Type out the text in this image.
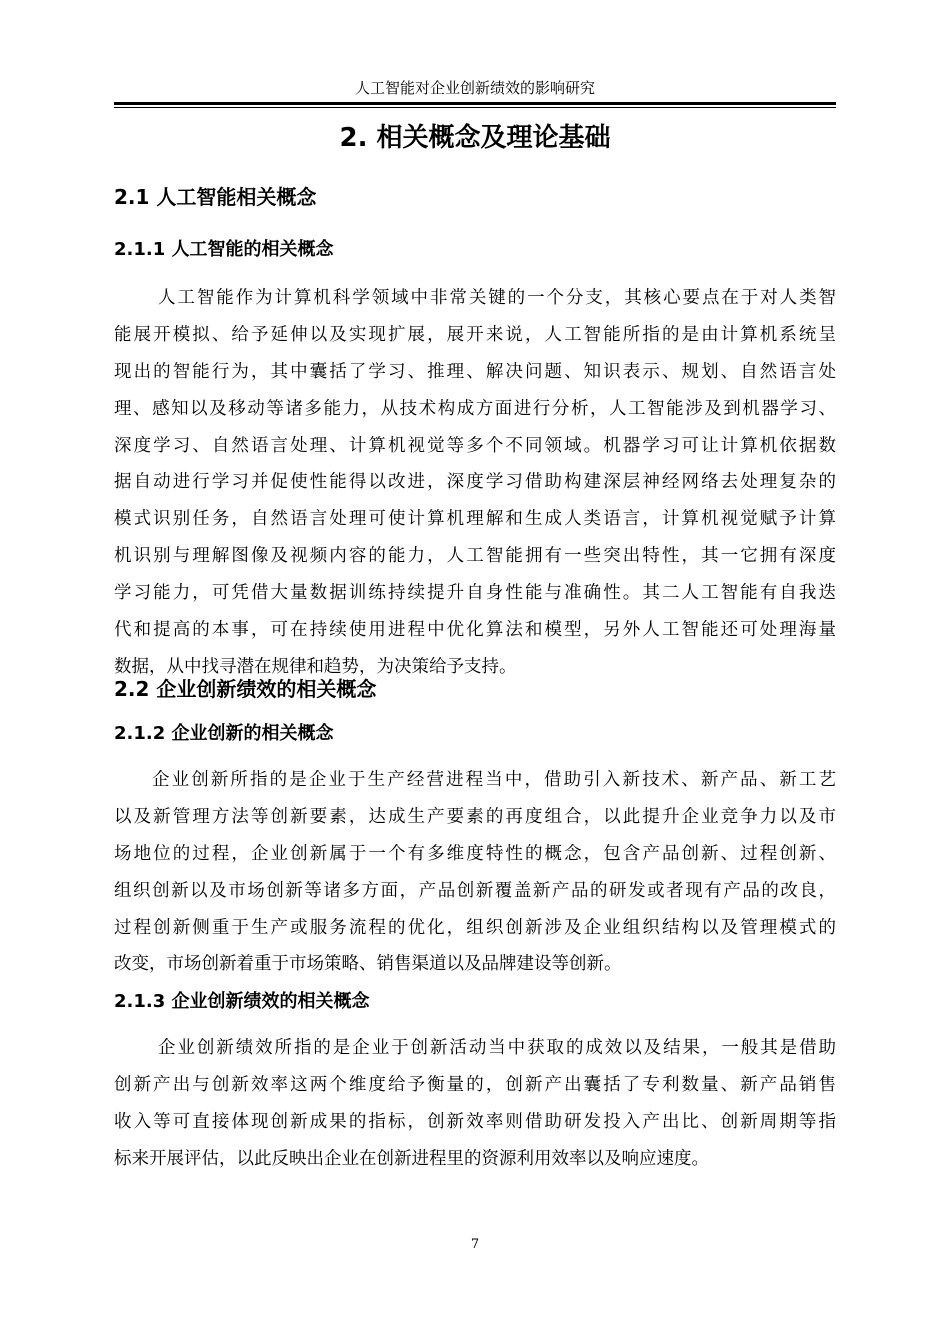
人工智能对企业创新绩效的影响研究
2. 相关概念及理论基础
2.1 人工智能相关概念
2.1.1 人工智能的相关概念
人工智能作为计算机科学领域中非常关键的一个分支，其核心要点在于对人类智
能展开模拟、给予延伸以及实现扩展，展开来说，人工智能所指的是由计算机系统呈
现出的智能行为，其中囊括了学习、推理、解决问题、知识表示、规划、自然语言处
理、感知以及移动等诸多能力，从技术构成方面进行分析，人工智能涉及到机器学习、
深度学习、自然语言处理、计算机视觉等多个不同领域。机器学习可让计算机依据数
据自动进行学习并促使性能得以改进，深度学习借助构建深层神经网络去处理复杂的
模式识别任务，自然语言处理可使计算机理解和生成人类语言，计算机视觉赋予计算
机识别与理解图像及视频内容的能力，人工智能拥有一些突出特性，其一它拥有深度
学习能力，可凭借大量数据训练持续提升自身性能与准确性。其二人工智能有自我迭
代和提高的本事，可在持续使用进程中优化算法和模型，另外人工智能还可处理海量
数据，从中找寻潜在规律和趋势，为决策给予支持。
2.2 企业创新绩效的相关概念
2.1.2 企业创新的相关概念
企业创新所指的是企业于生产经营进程当中，借助引入新技术、新产品、新工艺
以及新管理方法等创新要素，达成生产要素的再度组合，以此提升企业竞争力以及市
场地位的过程，企业创新属于一个有多维度特性的概念，包含产品创新、过程创新、
组织创新以及市场创新等诸多方面，产品创新覆盖新产品的研发或者现有产品的改良，
过程创新侧重于生产或服务流程的优化，组织创新涉及企业组织结构以及管理模式的
改变，市场创新着重于市场策略、销售渠道以及品牌建设等创新。
2.1.3 企业创新绩效的相关概念
企业创新绩效所指的是企业于创新活动当中获取的成效以及结果，一般其是借助
创新产出与创新效率这两个维度给予衡量的，创新产出囊括了专利数量、新产品销售
收入等可直接体现创新成果的指标，创新效率则借助研发投入产出比、创新周期等指
标来开展评估，以此反映出企业在创新进程里的资源利用效率以及响应速度。
7
